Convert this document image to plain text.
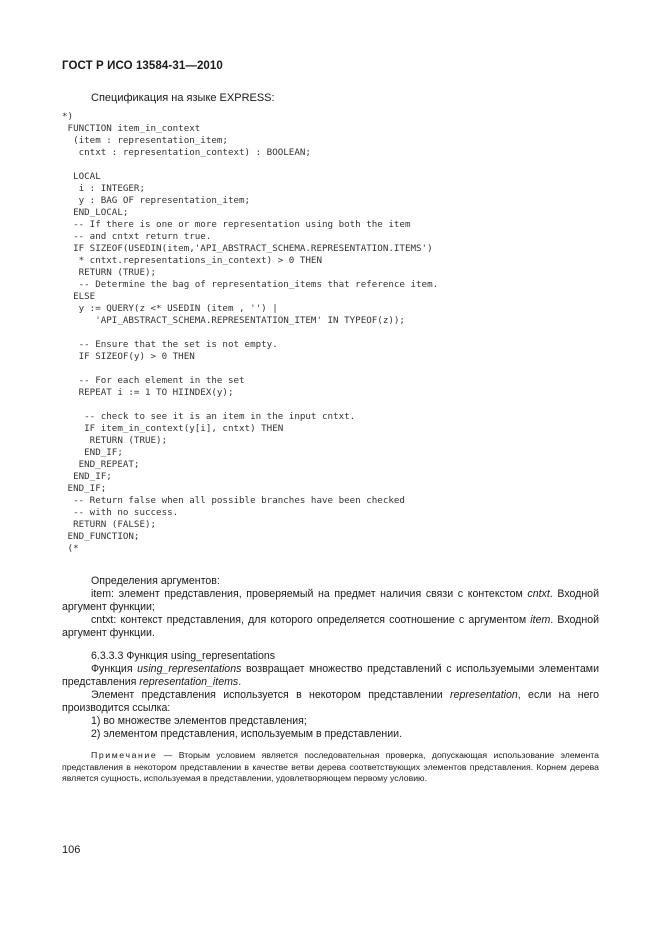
ГОСТ Р ИСО 13584-31—2010
Спецификация на языке EXPRESS:
*)
FUNCTION item_in_context
(item : representation_item;
cntxt : representation_context) : BOOLEAN;
LOCAL
i : INTEGER;
y : BAG OF representation_item;
END_LOCAL;
-- If there is one or more representation using both the item
-- and cntxt return true.
IF SIZEOF(USEDIN(item,'API_ABSTRACT_SCHEMA.REPRESENTATION.ITEMS')
* cntxt.representations_in_context) > 0 THEN
RETURN (TRUE);
-- Determine the bag of representation_items that reference item.
ELSE
y := QUERY(z <* USEDIN (item , '') |
'API_ABSTRACT_SCHEMA.REPRESENTATION_ITEM' IN TYPEOF(z));
-- Ensure that the set is not empty.
IF SIZEOF(y) > 0 THEN
-- For each element in the set
REPEAT i := 1 TO HIINDEX(y);
-- check to see it is an item in the input cntxt.
IF item_in_context(y[i], cntxt) THEN
RETURN (TRUE);
END_IF;
END_REPEAT;
END_IF;
END_IF;
-- Return false when all possible branches have been checked
-- with no success.
RETURN (FALSE);
END_FUNCTION;
(*

Определения аргументов:

item: элемент представления, проверяемый на предмет наличия связи с контекстом cntxt. Входной аргумент функции;

cntxt: контекст представления, для которого определяется соотношение с аргументом item. Входной аргумент функции.

6.3.3.3 Функция using_representations

Функция using_representations возвращает множество представлений с используемыми элементами представления representation_items.

Элемент представления используется в некотором представлении representation, если на него производится ссылка:

1) во множестве элементов представления;

2) элементом представления, используемым в представлении.

Примечание — Вторым условием является последовательная проверка, допускающая использование элемента представления в некотором представлении в качестве ветви дерева соответствующих элементов представления. Корнем дерева является сущность, используемая в представлении, удовлетворяющем первому условию.

106
